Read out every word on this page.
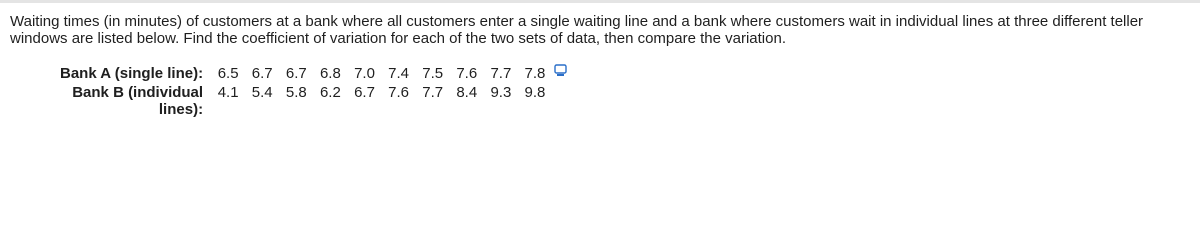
Waiting times (in minutes) of customers at a bank where all customers enter a single waiting line and a bank where customers wait in individual lines at three different teller windows are listed below. Find the coefficient of variation for each of the two sets of data, then compare the variation.

Bank A (single line):	6.5 6.7 6.7 6.8 7.0 7.4 7.5 7.6 7.7 7.8
Bank B (individual
lines):	4.1 5.4 5.8 6.2 6.7 7.6 7.7 8.4 9.3 9.8
